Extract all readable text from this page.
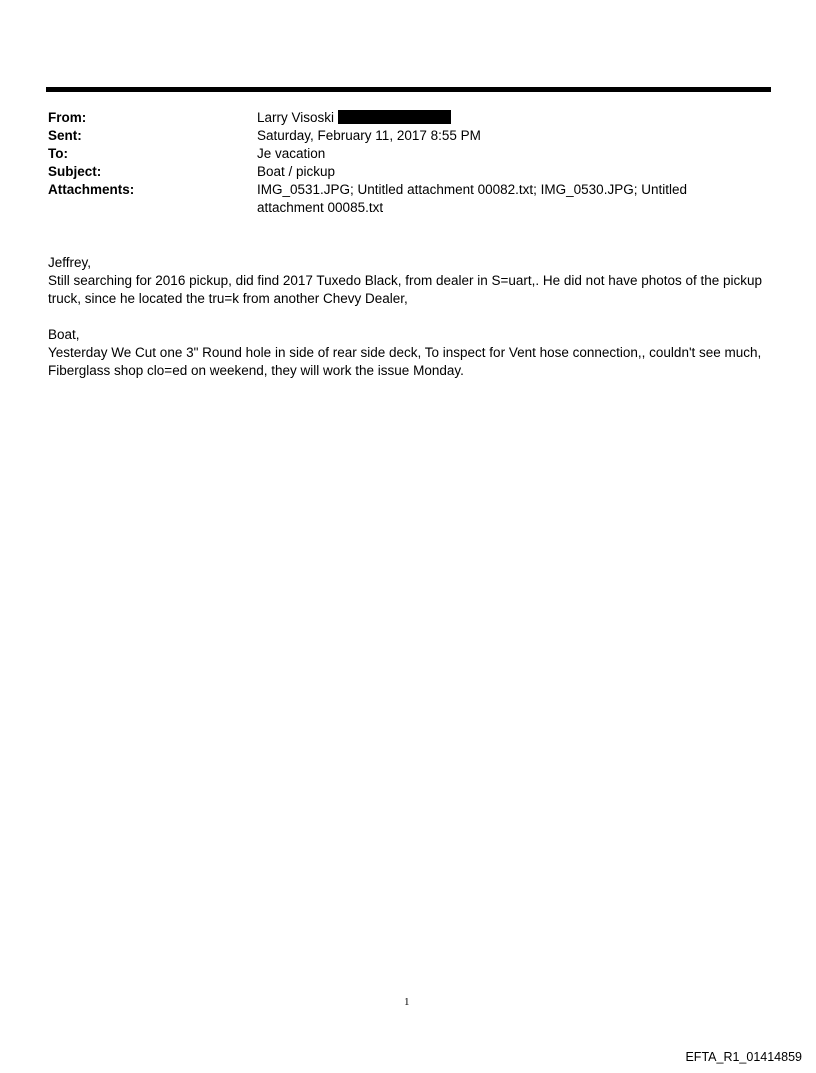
From:	Larry Visoski
Sent:	Saturday, February 11, 2017 8:55 PM
To:	Je vacation
Subject:	Boat / pickup
Attachments:	IMG_0531.JPG; Untitled attachment 00082.txt; IMG_0530.JPG; Untitled attachment 00085.txt

Jeffrey,
Still searching for 2016 pickup, did find 2017 Tuxedo Black, from dealer in S=uart,. He did not have photos of the pickup truck, since he located the tru=k from another Chevy Dealer,

Boat,
Yesterday We Cut one 3" Round hole in side of rear side deck, To inspect for Vent hose connection,, couldn't see much, Fiberglass shop clo=ed on weekend, they will work the issue Monday.

1
EFTA_R1_01414859
